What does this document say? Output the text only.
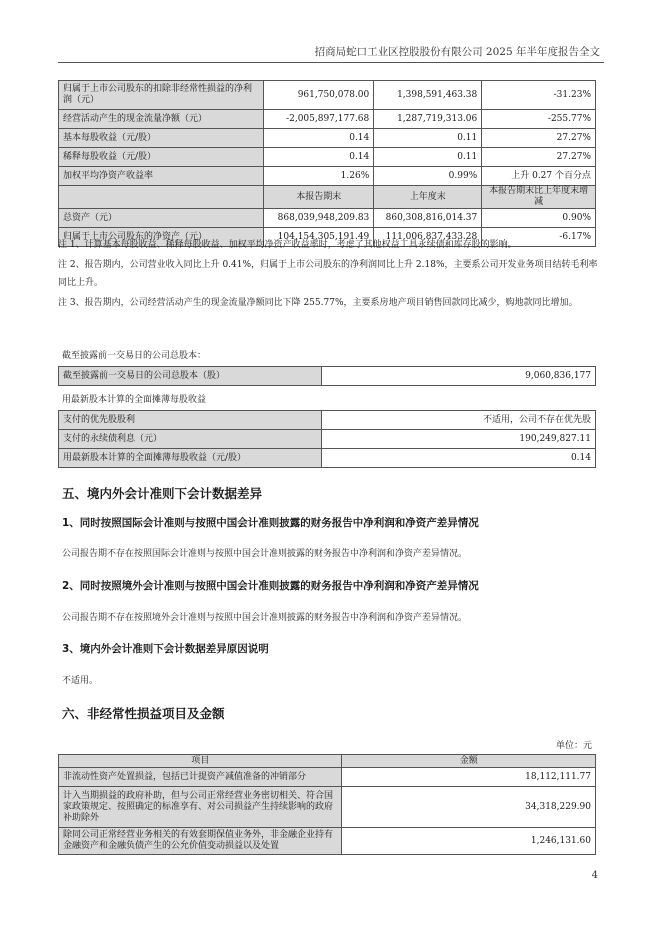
招商局蛇口工业区控股股份有限公司 2025 年半年度报告全文
归属于上市公司股东的扣除非经常性损益的净利润（元）	961,750,078.00	1,398,591,463.38	-31.23%
经营活动产生的现金流量净额（元）	-2,005,897,177.68	1,287,719,313.06	-255.77%
基本每股收益（元/股）	0.14	0.11	27.27%
稀释每股收益（元/股）	0.14	0.11	27.27%
加权平均净资产收益率	1.26%	0.99%	上升 0.27 个百分点
	本报告期末	上年度末	本报告期末比上年度末增减
总资产（元）	868,039,948,209.83	860,308,816,014.37	0.90%
归属于上市公司股东的净资产（元）	104,154,305,191.49	111,006,837,433.28	-6.17%
注 1、计算基本每股收益、稀释每股收益、加权平均净资产收益率时，考虑了其他权益工具永续债和库存股的影响。
注 2、报告期内，公司营业收入同比上升 0.41%，归属于上市公司股东的净利润同比上升 2.18%，主要系公司开发业务项目结转毛利率同比上升。
注 3、报告期内，公司经营活动产生的现金流量净额同比下降 255.77%，主要系房地产项目销售回款同比减少，购地款同比增加。
截至披露前一交易日的公司总股本：
截至披露前一交易日的公司总股本（股）	9,060,836,177
用最新股本计算的全面摊薄每股收益
支付的优先股股利	不适用，公司不存在优先股
支付的永续债利息（元）	190,249,827.11
用最新股本计算的全面摊薄每股收益（元/股）	0.14
五、境内外会计准则下会计数据差异
1、同时按照国际会计准则与按照中国会计准则披露的财务报告中净利润和净资产差异情况
公司报告期不存在按照国际会计准则与按照中国会计准则披露的财务报告中净利润和净资产差异情况。
2、同时按照境外会计准则与按照中国会计准则披露的财务报告中净利润和净资产差异情况
公司报告期不存在按照境外会计准则与按照中国会计准则披露的财务报告中净利润和净资产差异情况。
3、境内外会计准则下会计数据差异原因说明
不适用。
六、非经常性损益项目及金额
单位：元
项目	金额
非流动性资产处置损益，包括已计提资产减值准备的冲销部分	18,112,111.77
计入当期损益的政府补助，但与公司正常经营业务密切相关、符合国家政策规定、按照确定的标准享有、对公司损益产生持续影响的政府补助除外	34,318,229.90
除同公司正常经营业务相关的有效套期保值业务外，非金融企业持有金融资产和金融负债产生的公允价值变动损益以及处置	1,246,131.60
4
